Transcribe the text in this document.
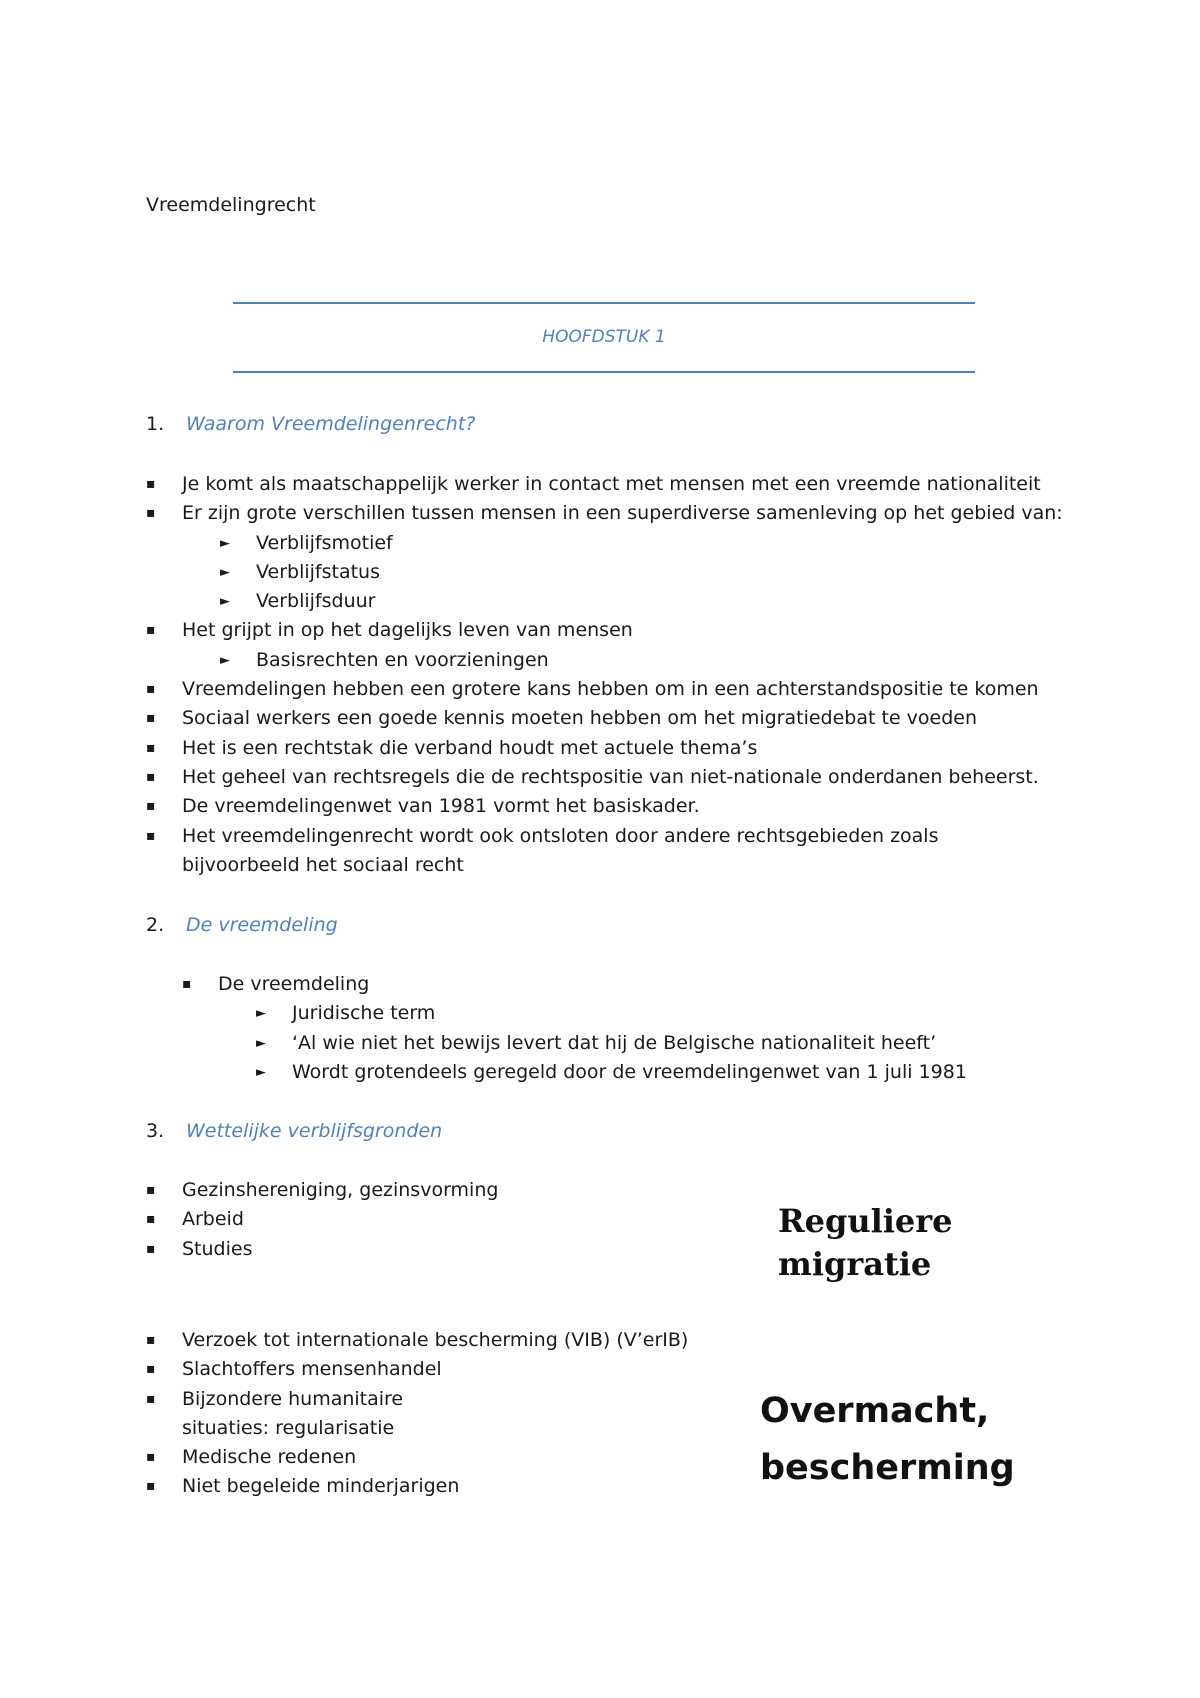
Vreemdelingrecht
HOOFDSTUK 1
1. Waarom Vreemdelingenrecht?
▪ Je komt als maatschappelijk werker in contact met mensen met een vreemde nationaliteit
▪ Er zijn grote verschillen tussen mensen in een superdiverse samenleving op het gebied van:
► Verblijfsmotief
► Verblijfstatus
► Verblijfsduur
▪ Het grijpt in op het dagelijks leven van mensen
► Basisrechten en voorzieningen
▪ Vreemdelingen hebben een grotere kans hebben om in een achterstandspositie te komen
▪ Sociaal werkers een goede kennis moeten hebben om het migratiedebat te voeden
▪ Het is een rechtstak die verband houdt met actuele thema’s
▪ Het geheel van rechtsregels die de rechtspositie van niet-nationale onderdanen beheerst.
▪ De vreemdelingenwet van 1981 vormt het basiskader.
▪ Het vreemdelingenrecht wordt ook ontsloten door andere rechtsgebieden zoals bijvoorbeeld het sociaal recht
2. De vreemdeling
▪ De vreemdeling
► Juridische term
► ‘Al wie niet het bewijs levert dat hij de Belgische nationaliteit heeft’
► Wordt grotendeels geregeld door de vreemdelingenwet van 1 juli 1981
3. Wettelijke verblijfsgronden
▪ Gezinshereniging, gezinsvorming
▪ Arbeid
▪ Studies
Reguliere migratie
▪ Verzoek tot internationale bescherming (VIB) (V’erIB)
▪ Slachtoffers mensenhandel
▪ Bijzondere humanitaire situaties: regularisatie
▪ Medische redenen
▪ Niet begeleide minderjarigen
Overmacht, bescherming
